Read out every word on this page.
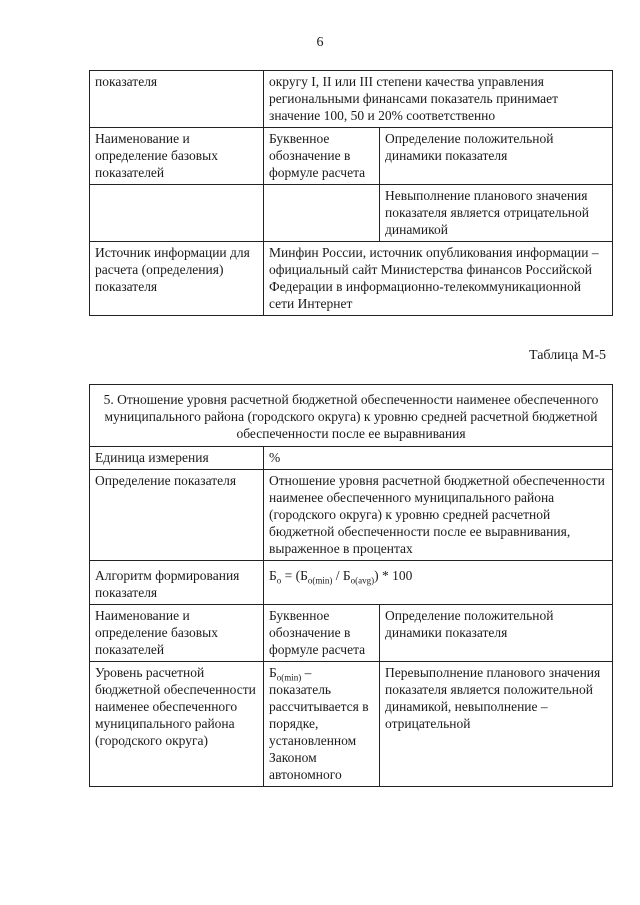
6
показателя	округу I, II или III степени качества управления региональными финансами показатель принимает значение 100, 50 и 20% соответственно	
Наименование и определение базовых показателей	Буквенное обозначение в формуле расчета	Определение положительной динамики показателя
		Невыполнение планового значения показателя является отрицательной динамикой
Источник информации для расчета (определения) показателя	Минфин России, источник опубликования информации – официальный сайт Министерства финансов Российской Федерации в информационно-телекоммуникационной сети Интернет	
Таблица М-5
5. Отношение уровня расчетной бюджетной обеспеченности наименее обеспеченного муниципального района (городского округа) к уровню средней расчетной бюджетной обеспеченности после ее выравнивания		
Единица измерения	%	
Определение показателя	Отношение уровня расчетной бюджетной обеспеченности наименее обеспеченного муниципального района (городского округа) к уровню средней расчетной бюджетной обеспеченности после ее выравнивания, выраженное в процентах	
Алгоритм формирования показателя	$Б_о = (Б_{о(min)} / Б_{о(avg)}) * 100$	
Наименование и определение базовых показателей	Буквенное обозначение в формуле расчета	Определение положительной динамики показателя
Уровень расчетной бюджетной обеспеченности наименее обеспеченного муниципального района (городского округа)	$Б_{о(min)}$ – показатель рассчитывается в порядке, установленном Законом автономного	Перевыполнение планового значения показателя является положительной динамикой, невыполнение – отрицательной
